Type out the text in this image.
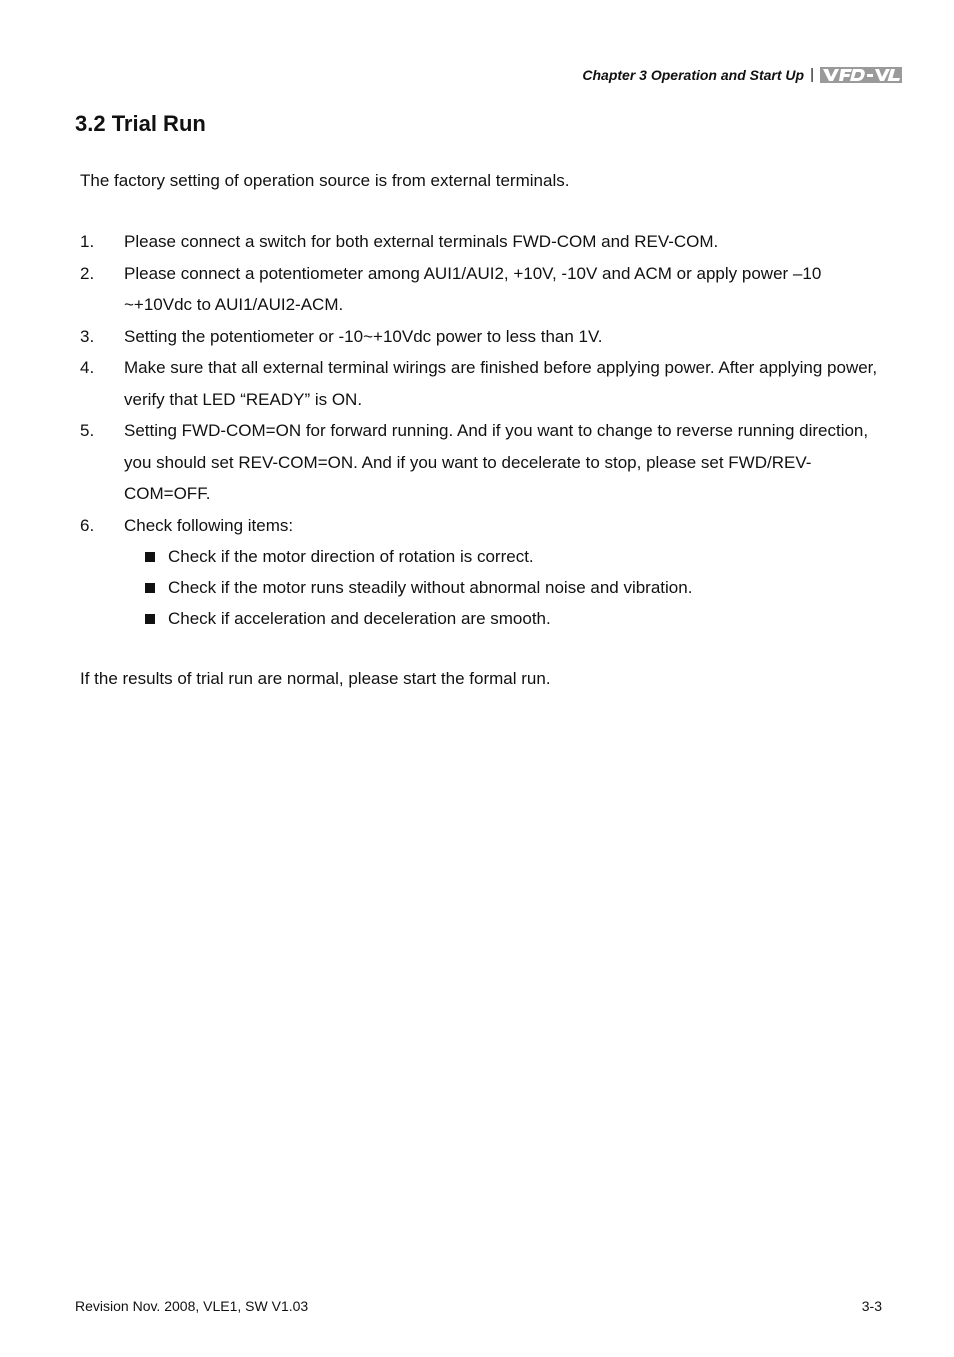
Chapter 3 Operation and Start Up |
3.2 Trial Run

The factory setting of operation source is from external terminals.

1.	Please connect a switch for both external terminals FWD-COM and REV-COM.
2.	Please connect a potentiometer among AUI1/AUI2, +10V, -10V and ACM or apply power –10 ~+10Vdc to AUI1/AUI2-ACM.
3.	Setting the potentiometer or -10~+10Vdc power to less than 1V.
4.	Make sure that all external terminal wirings are finished before applying power. After applying power, verify that LED “READY” is ON.
5.	Setting FWD-COM=ON for forward running. And if you want to change to reverse running direction, you should set REV-COM=ON. And if you want to decelerate to stop, please set FWD/REV-COM=OFF.
6.	Check following items:
Check if the motor direction of rotation is correct.
Check if the motor runs steadily without abnormal noise and vibration.
Check if acceleration and deceleration are smooth.

If the results of trial run are normal, please start the formal run.

Revision Nov. 2008, VLE1, SW V1.03	3-3
